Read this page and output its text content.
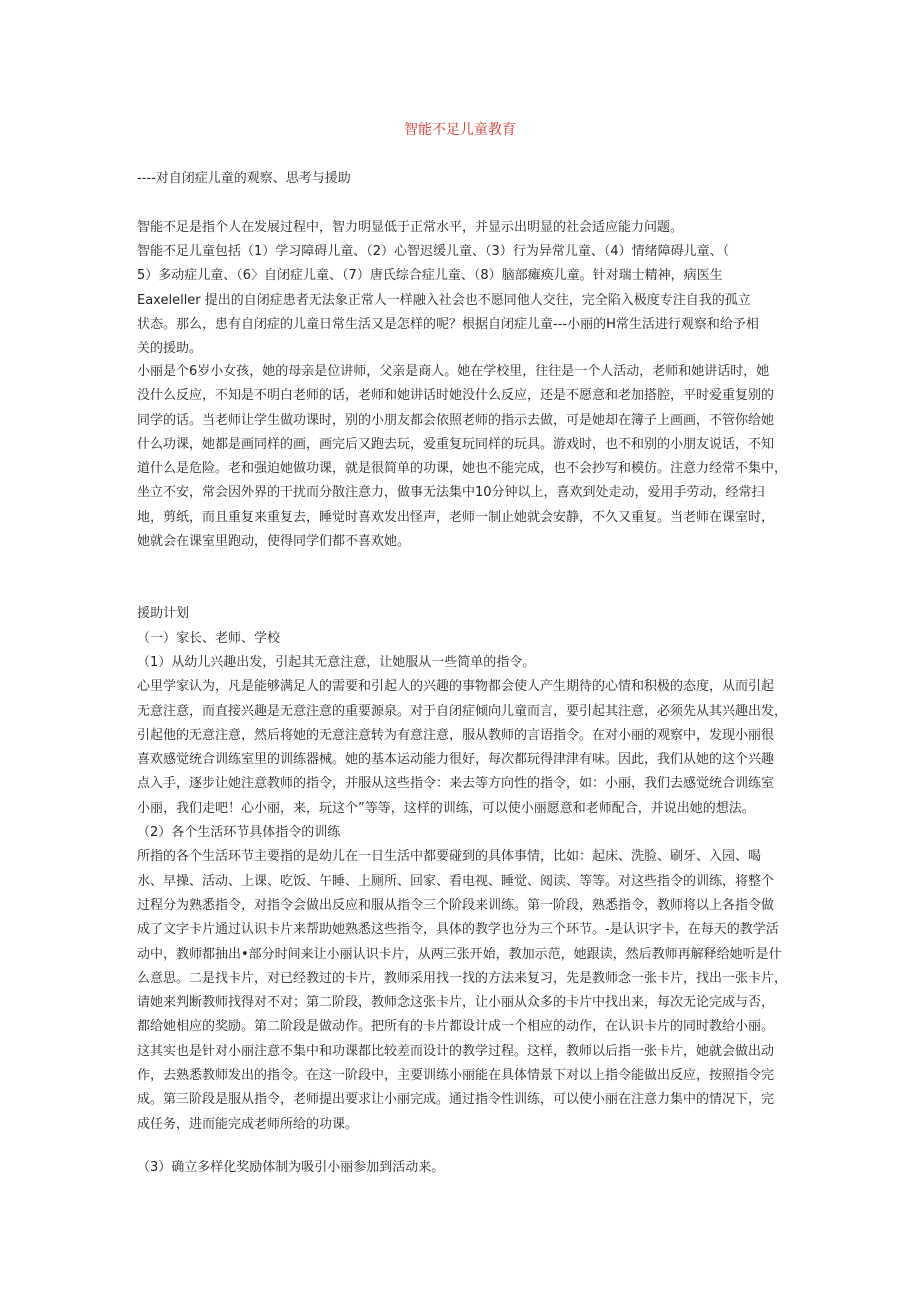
智能不足儿童教育
----对自闭症儿童的观察、思考与援助
智能不足是指个人在发展过程中，智力明显低于正常水平，并显示出明显的社会适应能力问题。
智能不足儿童包括（1）学习障碍儿童、（2）心智迟缓儿童、（3）行为异常儿童、（4）情绪障碍儿童、（
5）多动症儿童、（6〉自闭症儿童、（7）唐氏综合症儿童、（8）脑部瘫痪儿童。针对瑞士精神，病医生
Eaxeleller 提出的自闭症患者无法象正常人一样融入社会也不愿同他人交往，完全陷入极度专注自我的孤立
状态。那么，患有自闭症的儿童日常生活又是怎样的呢？根据自闭症儿童---小丽的H常生活进行观察和给予相
关的援助。
小丽是个6岁小女孩，她的母亲是位讲师，父亲是商人。她在学校里，往往是一个人活动，老师和她讲话时，她
没什么反应，不知是不明白老师的话，老师和她讲话时她没什么反应，还是不愿意和老加搭腔，平时爱重复别的
同学的话。当老师让学生做功课时，别的小朋友都会依照老师的指示去做，可是她却在簿子上画画，不管你给她
什么功课，她都是画同样的画，画完后又跑去玩，爱重复玩同样的玩具。游戏时，也不和别的小朋友说话，不知
道什么是危险。老和强迫她做功课，就是很简单的功课，她也不能完成，也不会抄写和模仿。注意力经常不集中，
坐立不安，常会因外界的干扰而分散注意力，做事无法集中10分钟以上，喜欢到处走动，爱用手劳动，经常扫
地，剪纸，而且重复来重复去，睡觉时喜欢发出怪声，老师一制止她就会安静，不久又重复。当老师在课室时，
她就会在课室里跑动，使得同学们都不喜欢她。
援助计划
（一）家长、老师、学校
（1）从幼儿兴趣出发，引起其无意注意，让她服从一些简单的指令。
心里学家认为，凡是能够满足人的需要和引起人的兴趣的事物都会使人产生期待的心情和积极的态度，从而引起
无意注意，而直接兴趣是无意注意的重要源泉。对于自闭症倾向儿童而言，要引起其注意，必须先从其兴趣出发，
引起他的无意注意，然后将她的无意注意转为有意注意，服从教师的言语指令。在对小丽的观察中，发现小丽很
喜欢感觉统合训练室里的训练器械。她的基本运动能力很好，每次都玩得津津有味。因此，我们从她的这个兴趣
点入手，逐步让她注意教师的指令，并服从这些指令：来去等方向性的指令，如：小丽，我们去感觉统合训练室
小丽，我们走吧！心小丽，来，玩这个”等等，这样的训练，可以使小丽愿意和老师配合，并说出她的想法。
（2）各个生活环节具体指令的训练
所指的各个生活环节主要指的是幼儿在一日生活中都要碰到的具体事情，比如：起床、洗脸、刷牙、入园、喝
水、早操、活动、上课、吃饭、午睡、上厕所、回家、看电视、睡觉、阅读、等等。对这些指令的训练，将整个
过程分为熟悉指令，对指令会做出反应和服从指令三个阶段来训练。第一阶段，熟悉指令，教师将以上各指令做
成了文字卡片通过认识卡片来帮助她熟悉这些指令，具体的教学也分为三个环节。-是认识字卡，在每天的教学活
动中，教师都抽出•部分时间来让小丽认识卡片，从两三张开始，教加示范，她跟读，然后教师再解释给她听是什
么意思。二是找卡片，对已经教过的卡片，教师采用找一找的方法来复习，先是教师念一张卡片，找出一张卡片，
请她来判断教师找得对不对；第二阶段，教师念这张卡片，让小丽从众多的卡片中找出来，每次无论完成与否，
都给她相应的奖励。第二阶段是做动作。把所有的卡片都设计成一个相应的动作，在认识卡片的同时教给小丽。
这其实也是针对小丽注意不集中和功课都比较差而设计的教学过程。这样，教师以后指一张卡片，她就会做出动
作，去熟悉教师发出的指令。在这一阶段中，主要训练小丽能在具体情景下对以上指令能做出反应，按照指令完
成。第三阶段是服从指令，老师提出要求让小丽完成。通过指令性训练，可以使小丽在注意力集中的情况下，完
成任务，进而能完成老师所给的功课。
（3）确立多样化奖励体制为吸引小丽参加到活动来。
